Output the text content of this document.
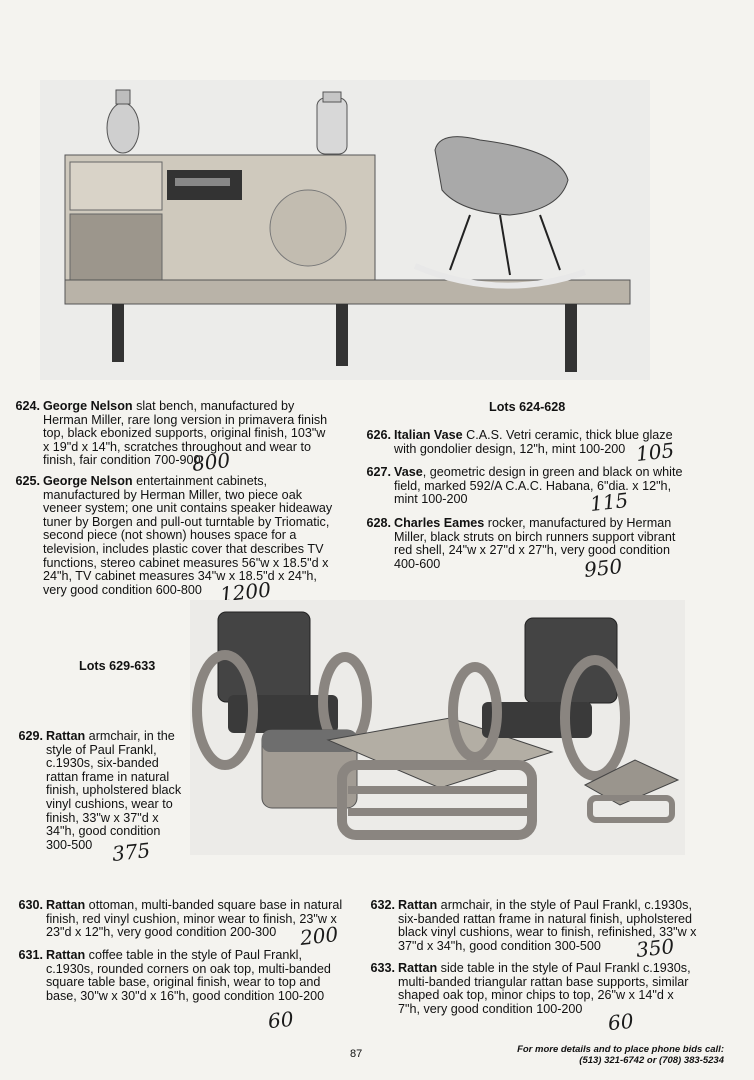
Lots 624-628
624. George Nelson slat bench, manufactured by Herman Miller, rare long version in primavera finish top, black ebonized supports, original finish, 103"w x 19"d x 14"h, scratches throughout and wear to finish, fair condition 700-900
625. George Nelson entertainment cabinets, manufactured by Herman Miller, two piece oak veneer system; one unit contains speaker hideaway tuner by Borgen and pull-out turntable by Triomatic, second piece (not shown) houses space for a television, includes plastic cover that describes TV functions, stereo cabinet measures 56"w x 18.5"d x 24"h, TV cabinet measures 34"w x 18.5"d x 24"h, very good condition 600-800
626. Italian Vase C.A.S. Vetri ceramic, thick blue glaze with gondolier design, 12"h, mint 100-200
627. Vase, geometric design in green and black on white field, marked 592/A C.A.C. Habana, 6"dia. x 12"h, mint 100-200
628. Charles Eames rocker, manufactured by Herman Miller, black struts on birch runners support vibrant red shell, 24"w x 27"d x 27"h, very good condition 400-600
800
1200
105
115
950
Lots 629-633
629. Rattan armchair, in the style of Paul Frankl, c.1930s, six-banded rattan frame in natural finish, upholstered black vinyl cushions, wear to finish, 33"w x 37"d x 34"h, good condition 300-500 375
630. Rattan ottoman, multi-banded square base in natural finish, red vinyl cushion, minor wear to finish, 23"w x 23"d x 12"h, very good condition 200-300	200
631. Rattan coffee table in the style of Paul Frankl, c.1930s, rounded corners on oak top, multi-banded square table base, original finish, wear to top and base, 30"w x 30"d x 16"h, good condition 100-200
60
632. Rattan armchair, in the style of Paul Frankl, c.1930s, six-banded rattan frame in natural finish, upholstered black vinyl cushions, wear to finish, refinished, 33"w x 37"d x 34"h, good condition 300-500	350
633. Rattan side table in the style of Paul Frankl c.1930s, multi-banded triangular rattan base supports, similar shaped oak top, minor chips to top, 26"w x 14"d x 7"h, very good condition 100-200	60
87	For more details and to place phone bids call:
(513) 321-6742 or (708) 383-5234
